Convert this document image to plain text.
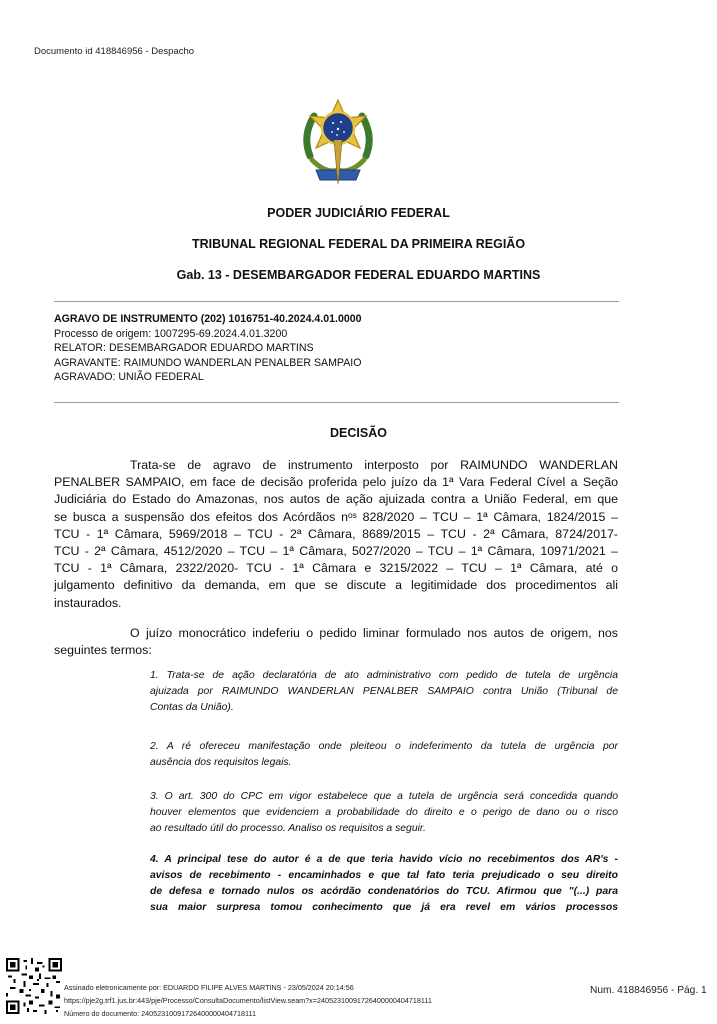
Documento id 418846956 - Despacho
PODER JUDICIÁRIO FEDERAL
TRIBUNAL REGIONAL FEDERAL DA PRIMEIRA REGIÃO
Gab. 13 - DESEMBARGADOR FEDERAL EDUARDO MARTINS
AGRAVO DE INSTRUMENTO (202) 1016751-40.2024.4.01.0000
Processo de origem: 1007295-69.2024.4.01.3200
RELATOR: DESEMBARGADOR EDUARDO MARTINS
AGRAVANTE: RAIMUNDO WANDERLAN PENALBER SAMPAIO
AGRAVADO: UNIÃO FEDERAL
DECISÃO
Trata-se de agravo de instrumento interposto por RAIMUNDO WANDERLAN
PENALBER SAMPAIO, em face de decisão proferida pelo juízo da 1ª Vara Federal Cível a Seção
Judiciária do Estado do Amazonas, nos autos de ação ajuizada contra a União Federal, em que
se busca a suspensão dos efeitos dos Acórdãos nᵒˢ 828/2020 – TCU – 1ª Câmara, 1824/2015 –
TCU - 1ª Câmara, 5969/2018 – TCU - 2ª Câmara, 8689/2015 – TCU - 2ª Câmara, 8724/2017-
TCU - 2ª Câmara, 4512/2020 – TCU – 1ª Câmara, 5027/2020 – TCU – 1ª Câmara, 10971/2021 –
TCU - 1ª Câmara, 2322/2020- TCU - 1ª Câmara e 3215/2022 – TCU – 1ª Câmara, até o
julgamento definitivo da demanda, em que se discute a legitimidade dos procedimentos ali
instaurados.
O juízo monocrático indeferiu o pedido liminar formulado nos autos de origem, nos
seguintes termos:
1. Trata-se de ação declaratória de ato administrativo com pedido de tutela de urgência
ajuizada por RAIMUNDO WANDERLAN PENALBER SAMPAIO contra União (Tribunal de
Contas da União).
2. A ré ofereceu manifestação onde pleiteou o indeferimento da tutela de urgência por
ausência dos requisitos legais.
3. O art. 300 do CPC em vigor estabelece que a tutela de urgência será concedida quando
houver elementos que evidenciem a probabilidade do direito e o perigo de dano ou o risco
ao resultado útil do processo. Analiso os requisitos a seguir.
4. A principal tese do autor é a de que teria havido vício no recebimentos dos AR's -
avisos de recebimento - encaminhados e que tal fato teria prejudicado o seu direito
de defesa e tornado nulos os acórdão condenatórios do TCU. Afirmou que "(...) para
sua maior surpresa tomou conhecimento que já era revel em vários processos
Assinado eletronicamente por: EDUARDO FILIPE ALVES MARTINS - 23/05/2024 20:14:56
https://pje2g.trf1.jus.br:443/pje/Processo/ConsultaDocumento/listView.seam?x=24052310091726400000404718111
Número do documento: 24052310091726400000404718111
Num. 418846956 - Pág. 1
